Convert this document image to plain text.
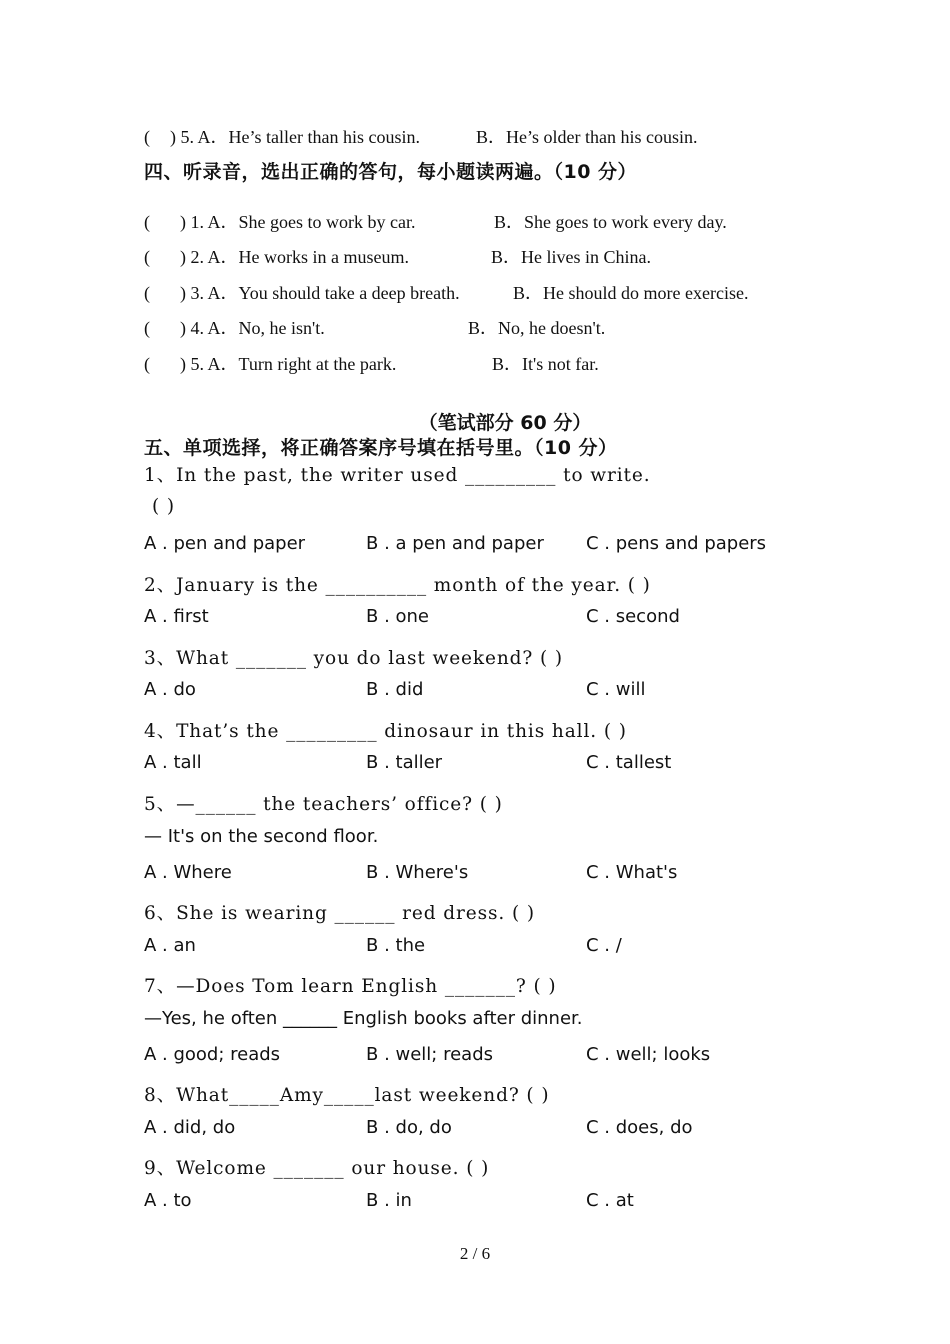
( ) 5. A．He’s taller than his cousin.	B．He’s older than his cousin.
四、听录音，选出正确的答句，每小题读两遍。（10 分）
( ) 1. A．She goes to work by car.	B．She goes to work every day.
( ) 2. A．He works in a museum.	B．He lives in China.
( ) 3. A．You should take a deep breath.	B．He should do more exercise.
( ) 4. A．No, he isn't.	B．No, he doesn't.
( ) 5. A．Turn right at the park.	B．It's not far.
（笔试部分 60 分）
五、单项选择，将正确答案序号填在括号里。（10 分）
1、In the past, the writer used _________ to write.
( )
A . pen and paper	B . a pen and paper C . pens and papers
2、January is the __________ month of the year. ( )
A . first	B . one	C . second
3、What _______ you do last weekend? ( )
A . do	B . did	C . will
4、That’s the _________ dinosaur in this hall. ( )
A . tall	B . taller	C . tallest
5、—______ the teachers’ office? ( )
— It's on the second floor.
A . Where	B . Where's	C . What's
6、She is wearing ______ red dress. ( )
A . an	B . the	C . /
7、—Does Tom learn English _______? ( )
—Yes, he often ______ English books after dinner.
A . good; reads	B . well; reads	C . well; looks
8、What_____Amy_____last weekend? ( )
A . did, do	B . do, do	C . does, do
9、Welcome _______ our house. ( )
A . to	B . in	C . at
2 / 6
